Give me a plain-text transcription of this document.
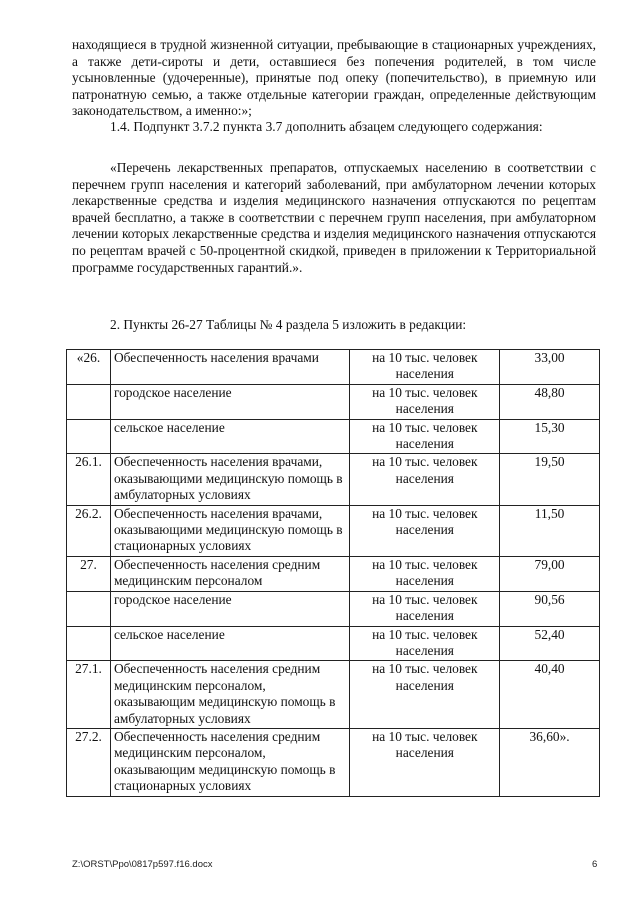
находящиеся в трудной жизненной ситуации, пребывающие в стационарных учреждениях, а также дети-сироты и дети, оставшиеся без попечения родителей, в том числе усыновленные (удочеренные), принятые под опеку (попечительство), в приемную или патронатную семью, а также отдельные категории граждан, определенные действующим законодательством, а именно:»;

1.4. Подпункт 3.7.2 пункта 3.7 дополнить абзацем следующего содержания:

«Перечень лекарственных препаратов, отпускаемых населению в соответствии с перечнем групп населения и категорий заболеваний, при амбулаторном лечении которых лекарственные средства и изделия медицинского назначения отпускаются по рецептам врачей бесплатно, а также в соответствии с перечнем групп населения, при амбулаторном лечении которых лекарственные средства и изделия медицинского назначения отпускаются по рецептам врачей с 50-процентной скидкой, приведен в приложении к Территориальной программе государственных гарантий.».

2. Пункты 26-27 Таблицы № 4 раздела 5 изложить в редакции:

«26.	Обеспеченность населения врачами	на 10 тыс. человек населения	33,00
	городское население	на 10 тыс. человек населения	48,80
	сельское население	на 10 тыс. человек населения	15,30
26.1.	Обеспеченность населения врачами, оказывающими медицинскую помощь в амбулаторных условиях	на 10 тыс. человек населения	19,50
26.2.	Обеспеченность населения врачами, оказывающими медицинскую помощь в стационарных условиях	на 10 тыс. человек населения	11,50
27.	Обеспеченность населения средним медицинским персоналом	на 10 тыс. человек населения	79,00
	городское население	на 10 тыс. человек населения	90,56
	сельское население	на 10 тыс. человек населения	52,40
27.1.	Обеспеченность населения средним медицинским персоналом, оказывающим медицинскую помощь в амбулаторных условиях	на 10 тыс. человек населения	40,40
27.2.	Обеспеченность населения средним медицинским персоналом, оказывающим медицинскую помощь в стационарных условиях	на 10 тыс. человек населения	36,60».
Z:\ORST\Ppo\0817p597.f16.docx	6
